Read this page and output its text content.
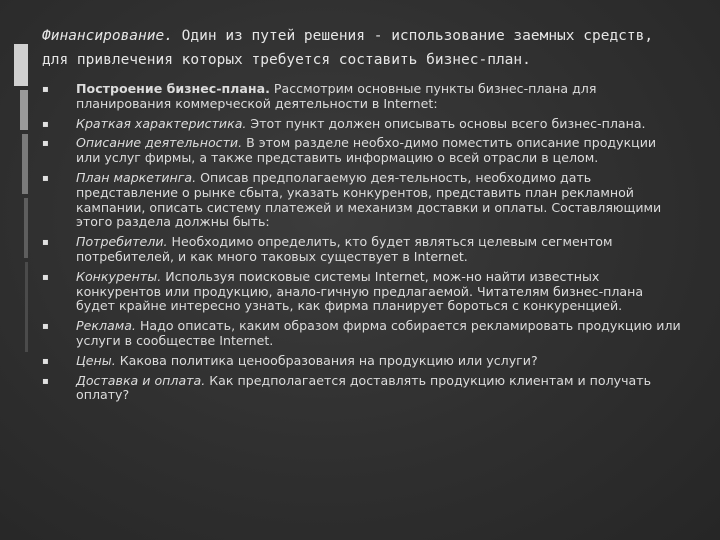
Финансирование. Один из путей решения - использование заемных средств, для привлечения которых требуется составить бизнес-план.
▪ Построение бизнес-плана. Рассмотрим основные пункты бизнес-плана для планирования коммерческой деятельности в Internet:
▪ Краткая характеристика. Этот пункт должен описывать основы всего бизнес-плана.
▪ Описание деятельности. В этом разделе необхо-димо поместить описание продукции или услуг фирмы, а также представить информацию о всей отрасли в целом.
▪ План маркетинга. Описав предполагаемую дея-тельность, необходимо дать представление о рынке сбыта, указать конкурентов, представить план рекламной кампании, описать систему платежей и механизм доставки и оплаты. Составляющими этого раздела должны быть:
▪ Потребители. Необходимо определить, кто будет являться целевым сегментом потребителей, и как много таковых существует в Internet.
▪ Конкуренты. Используя поисковые системы Internet, мож-но найти известных конкурентов или продукцию, анало-гичную предлагаемой. Читателям бизнес-плана будет крайне интересно узнать, как фирма планирует бороться с конкуренцией.
▪ Реклама. Надо описать, каким образом фирма собирается рекламировать продукцию или услуги в сообществе Internet.
▪ Цены. Какова политика ценообразования на продукцию или услуги?
▪ Доставка и оплата. Как предполагается доставлять продукцию клиентам и получать оплату?
